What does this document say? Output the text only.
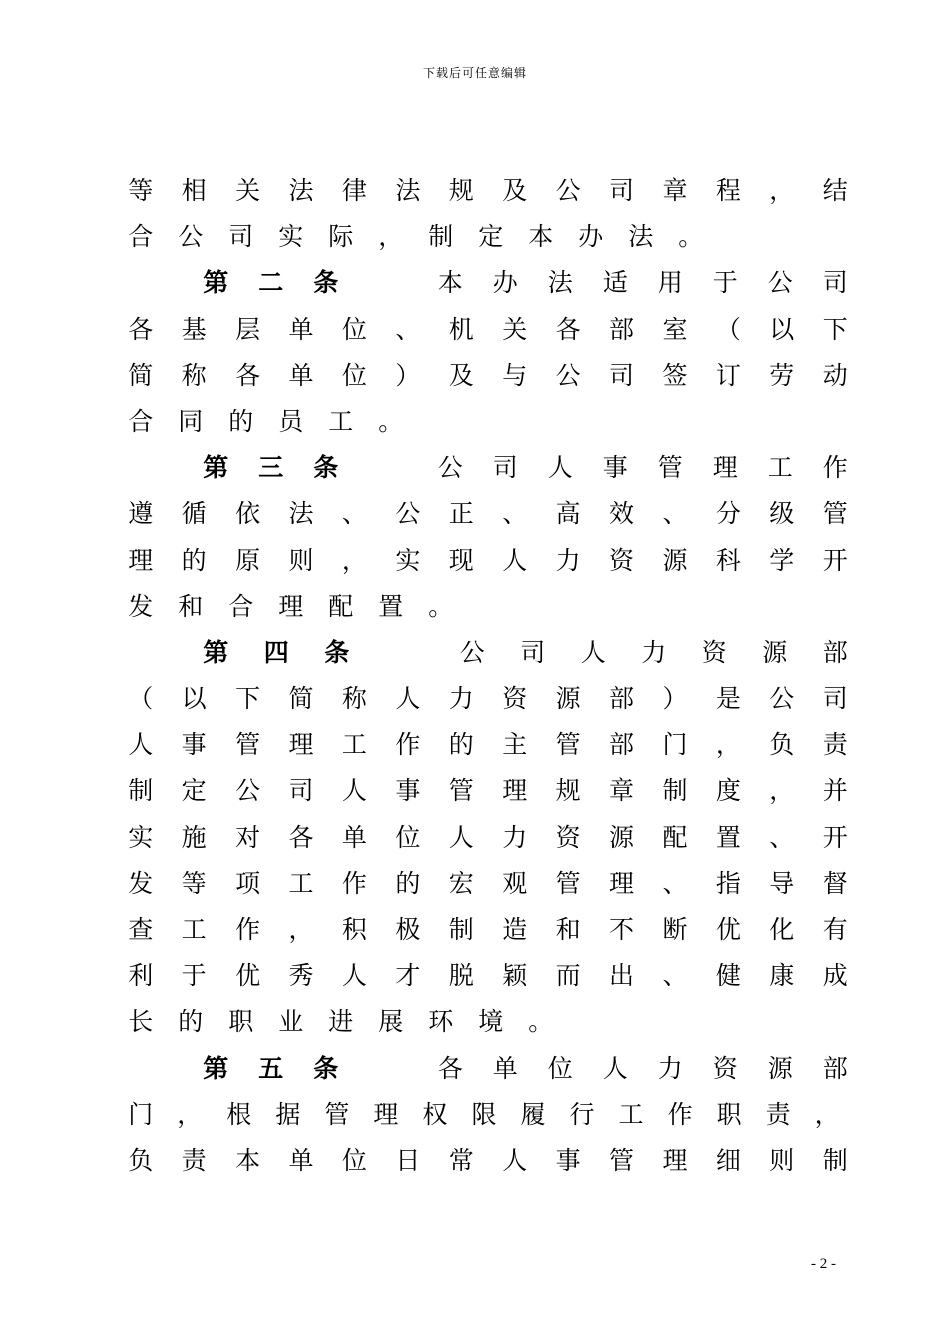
下载后可任意编辑
等 相 关 法 律 法 规 及 公 司 章 程 ， 结
合 公 司 实 际 ， 制 定 本 办 法 。
第 二 条	本 办 法 适 用 于 公 司
各 基 层 单 位 、 机 关 各 部 室 （ 以 下
简 称 各 单 位 ） 及 与 公 司 签 订 劳 动
合 同 的 员 工 。
第 三 条	公 司 人 事 管 理 工 作
遵 循 依 法 、 公 正 、 高 效 、 分 级 管
理 的 原 则 ， 实 现 人 力 资 源 科 学 开
发 和 合 理 配 置 。
第 四 条	公 司 人 力 资 源 部
（ 以 下 简 称 人 力 资 源 部 ） 是 公 司
人 事 管 理 工 作 的 主 管 部 门 ， 负 责
制 定 公 司 人 事 管 理 规 章 制 度 ， 并
实 施 对 各 单 位 人 力 资 源 配 置 、 开
发 等 项 工 作 的 宏 观 管 理 、 指 导 督
查 工 作 ， 积 极 制 造 和 不 断 优 化 有
利 于 优 秀 人 才 脱 颖 而 出 、 健 康 成
长 的 职 业 进 展 环 境 。
第 五 条	各 单 位 人 力 资 源 部
门 ， 根 据 管 理 权 限 履 行 工 作 职 责 ，
负 责 本 单 位 日 常 人 事 管 理 细 则 制
- 2 -
